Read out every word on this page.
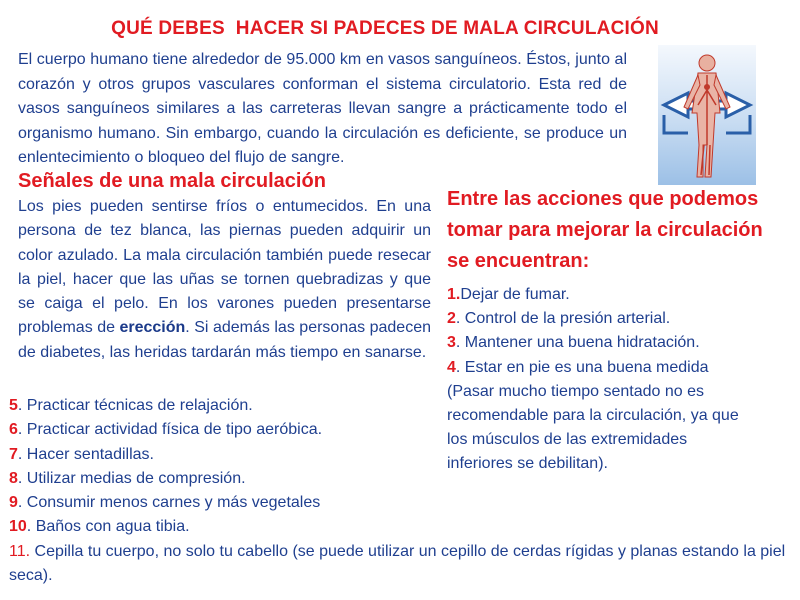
QUÉ DEBES  HACER SI PADECES DE MALA CIRCULACIÓN

El cuerpo humano tiene alrededor de 95.000 km en vasos sanguíneos. Éstos, junto al corazón y otros grupos vasculares conforman el sistema circulatorio. Esta red de vasos sanguíneos similares a las carreteras llevan sangre a prácticamente todo el organismo humano. Sin embargo, cuando la circulación es deficiente, se produce un enlentecimiento o bloqueo del flujo de sangre.

Señales de una mala circulación

Los pies pueden sentirse fríos o entumecidos. En una persona de tez blanca, las piernas pueden adquirir un color azulado. La mala circulación también puede resecar la piel, hacer que las uñas se tornen quebradizas y que se caiga el pelo. En los varones pueden presentarse problemas de erección. Si además las personas padecen de diabetes, las heridas tardarán más tiempo en sanarse.

Entre las acciones que podemos tomar para mejorar la circulación se encuentran:
1.Dejar de fumar.
2. Control de la presión arterial.
3. Mantener una buena hidratación.
4. Estar en pie es una buena medida (Pasar mucho tiempo sentado no es recomendable para la circulación, ya que los músculos de las extremidades inferiores se debilitan).
5. Practicar técnicas de relajación.
6. Practicar actividad física de tipo aeróbica.
7. Hacer sentadillas.
8. Utilizar medias de compresión.
9. Consumir menos carnes y más vegetales
10. Baños con agua tibia.
11. Cepilla tu cuerpo, no solo tu cabello (se puede utilizar un cepillo de cerdas rígidas y planas estando la piel seca).
